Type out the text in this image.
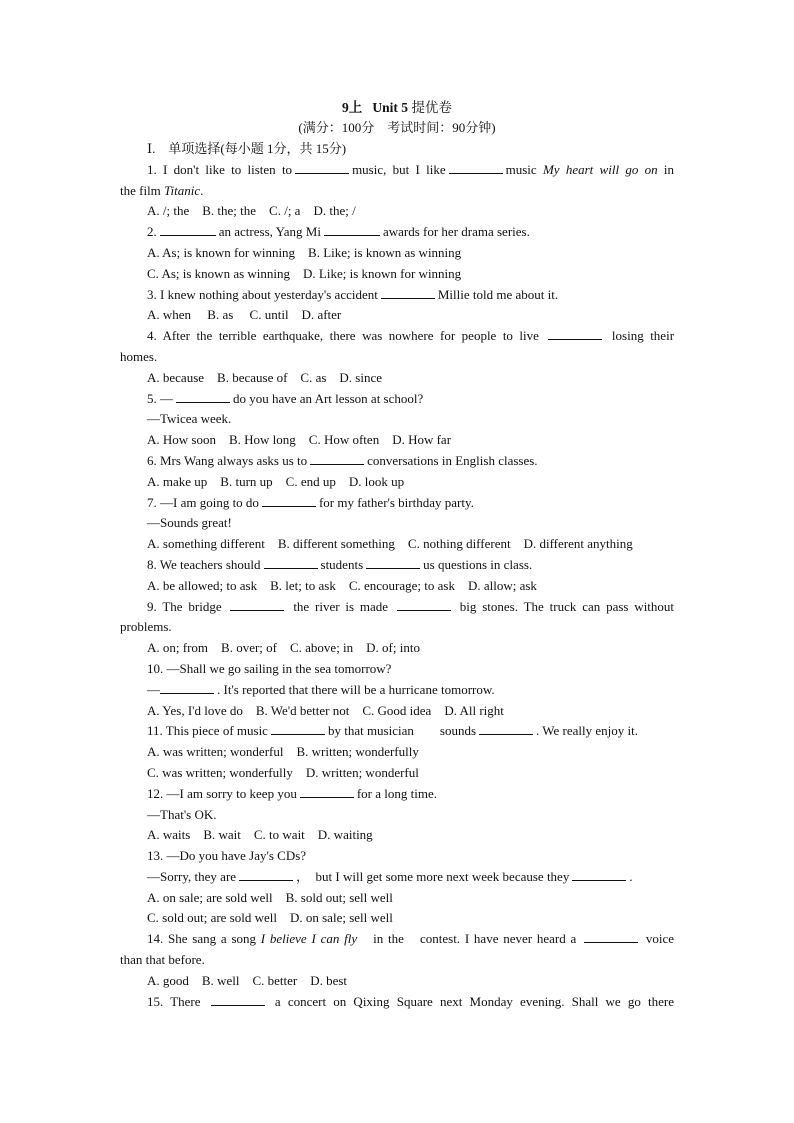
9上 Unit 5 提优卷
(满分：100分　考试时间：90分钟)
Ⅰ.　单项选择(每小题 1分，共 15分)
1. I don't like to listen to	music, but I like	music My heart will go on in
the film Titanic.
A. /; the　B. the; the　C. /; a　D. the; /
2.	an actress, Yang Mi	awards for her drama series.
A. As; is known for winning　B. Like; is known as winning
C. As; is known as winning　D. Like; is known for winning
3. I knew nothing about yesterday's accident	Millie told me about it.
A. when　 B. as　 C. until　D. after
4. After the terrible earthquake, there was nowhere for people to live	losing their
homes.
A. because　B. because of　C. as　D. since
5. —	do you have an Art lesson at school?
—Twicea week.
A. How soon　B. How long　C. How often　D. How far
6. Mrs Wang always asks us to	conversations in English classes.
A. make up　B. turn up　C. end up　D. look up
7. —I am going to do	for my father's birthday party.
—Sounds great!
A. something different　B. different something　C. nothing different　D. different anything
8. We teachers should	students	us questions in class.
A. be allowed; to ask　B. let; to ask　C. encourage; to ask　D. allow; ask
9. The bridge	the river is made	big stones. The truck can pass without
problems.
A. on; from　B. over; of　C. above; in　D. of; into
10. —Shall we go sailing in the sea tomorrow?
—	. It's reported that there will be a hurricane tomorrow.
A. Yes, I'd love do　B. We'd better not　C. Good idea　D. All right
11. This piece of music	by that musician　　sounds	. We really enjoy it.
A. was written; wonderful　B. written; wonderfully
C. was written; wonderfully　D. written; wonderful
12. —I am sorry to keep you	for a long time.
—That's OK.
A. waits　B. wait　C. to wait　D. waiting
13. —Do you have Jay's CDs?
—Sorry, they are	，　but I will get some more next week because they	.
A. on sale; are sold well　B. sold out; sell well
C. sold out; are sold well　D. on sale; sell well
14. She sang a song I believe I can fly　in the　contest. I have never heard a	voice
than that before.
A. good　B. well　C. better　D. best
15. There	a concert on Qixing Square next Monday evening. Shall we go there
